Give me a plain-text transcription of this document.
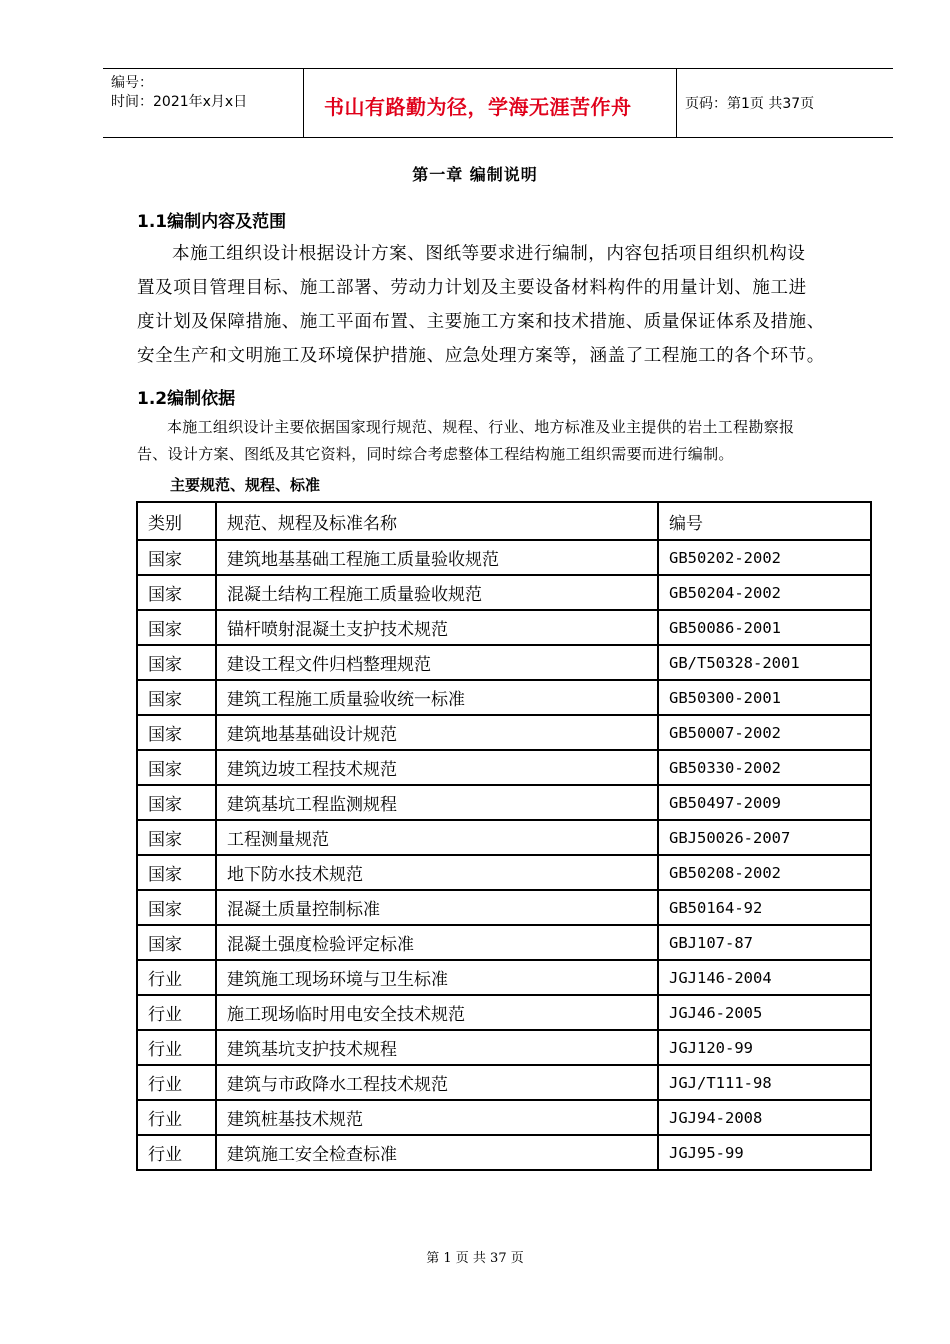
编号：
时间：2021年x月x日	书山有路勤为径，学海无涯苦作舟	页码：第1页 共37页
第一章 编制说明
1.1编制内容及范围
本施工组织设计根据设计方案、图纸等要求进行编制，内容包括项目组织机构设
置及项目管理目标、施工部署、劳动力计划及主要设备材料构件的用量计划、施工进
度计划及保障措施、施工平面布置、主要施工方案和技术措施、质量保证体系及措施、
安全生产和文明施工及环境保护措施、应急处理方案等，涵盖了工程施工的各个环节。
1.2编制依据
本施工组织设计主要依据国家现行规范、规程、行业、地方标准及业主提供的岩土工程勘察报
告、设计方案、图纸及其它资料，同时综合考虑整体工程结构施工组织需要而进行编制。
主要规范、规程、标准
类别	规范、规程及标准名称	编号
国家	建筑地基基础工程施工质量验收规范	GB50202-2002
国家	混凝土结构工程施工质量验收规范	GB50204-2002
国家	锚杆喷射混凝土支护技术规范	GB50086-2001
国家	建设工程文件归档整理规范	GB/T50328-2001
国家	建筑工程施工质量验收统一标准	GB50300-2001
国家	建筑地基基础设计规范	GB50007-2002
国家	建筑边坡工程技术规范	GB50330-2002
国家	建筑基坑工程监测规程	GB50497-2009
国家	工程测量规范	GBJ50026-2007
国家	地下防水技术规范	GB50208-2002
国家	混凝土质量控制标准	GB50164-92
国家	混凝土强度检验评定标准	GBJ107-87
行业	建筑施工现场环境与卫生标准	JGJ146-2004
行业	施工现场临时用电安全技术规范	JGJ46-2005
行业	建筑基坑支护技术规程	JGJ120-99
行业	建筑与市政降水工程技术规范	JGJ/T111-98
行业	建筑桩基技术规范	JGJ94-2008
行业	建筑施工安全检查标准	JGJ95-99
第 1 页 共 37 页
